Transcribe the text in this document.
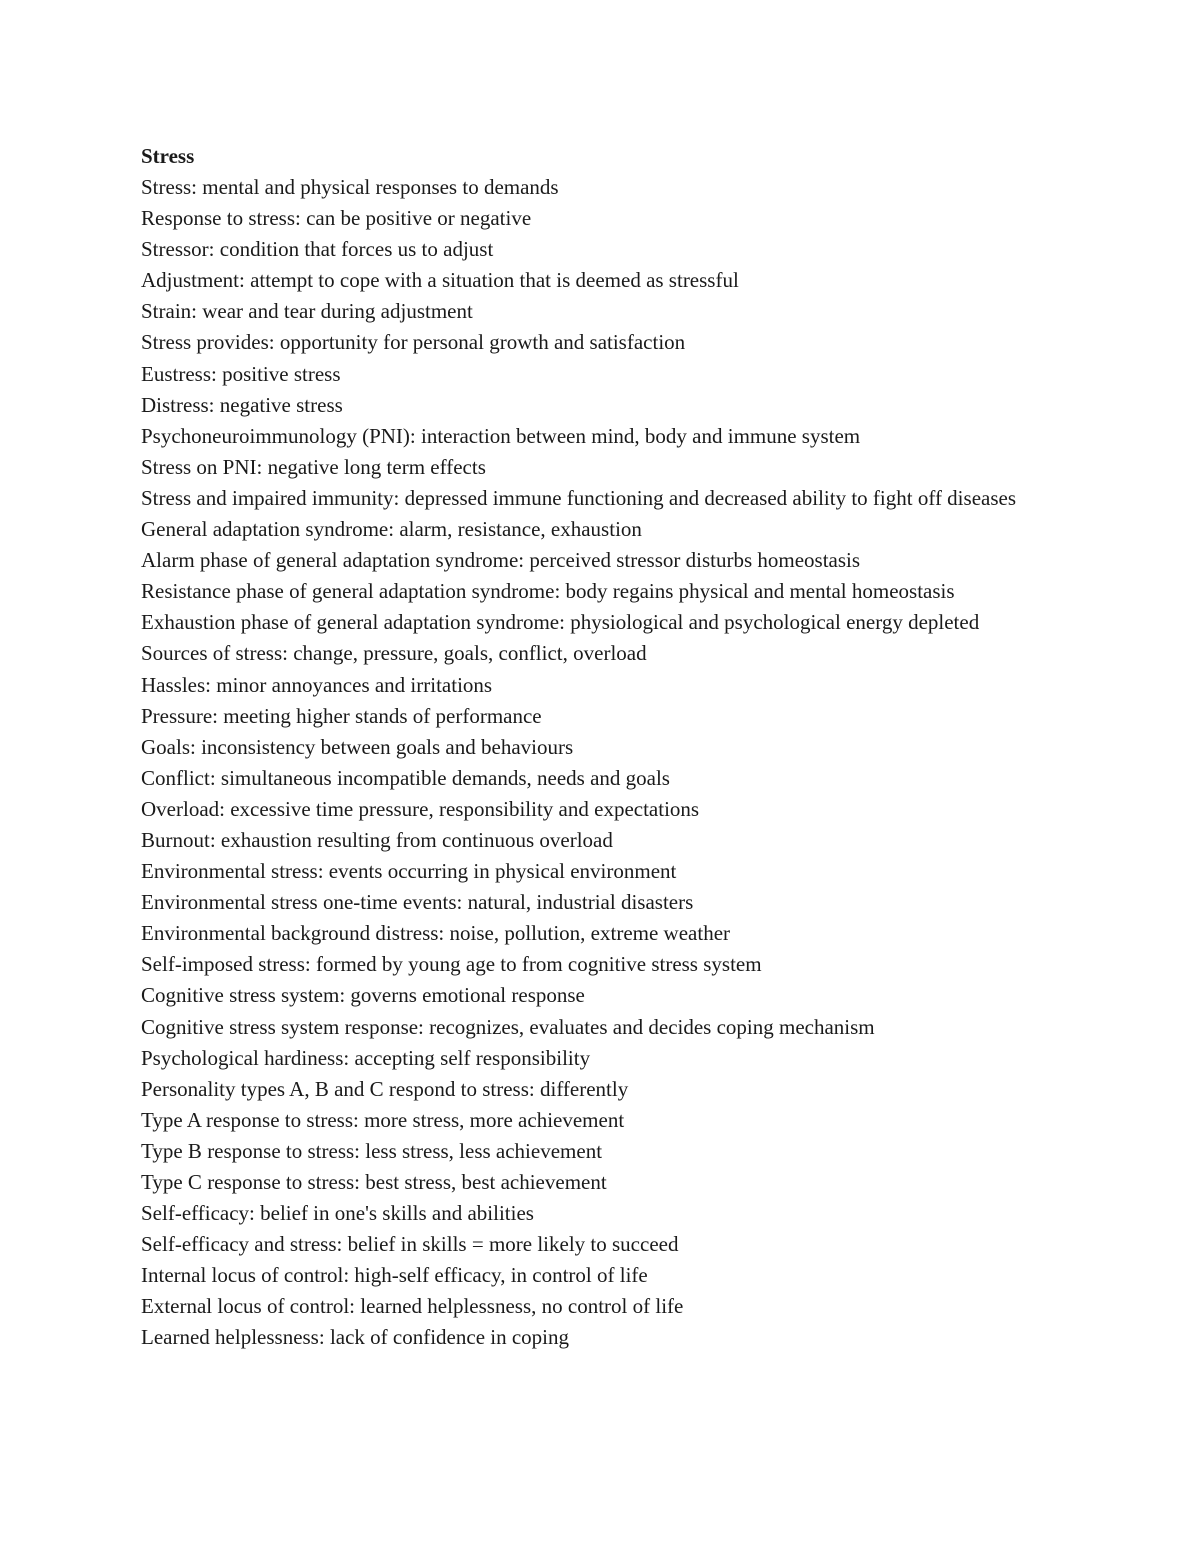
Stress
Stress: mental and physical responses to demands
Response to stress: can be positive or negative
Stressor: condition that forces us to adjust
Adjustment: attempt to cope with a situation that is deemed as stressful
Strain: wear and tear during adjustment
Stress provides: opportunity for personal growth and satisfaction
Eustress: positive stress
Distress: negative stress
Psychoneuroimmunology (PNI): interaction between mind, body and immune system
Stress on PNI: negative long term effects
Stress and impaired immunity: depressed immune functioning and decreased ability to fight off diseases
General adaptation syndrome: alarm, resistance, exhaustion
Alarm phase of general adaptation syndrome: perceived stressor disturbs homeostasis
Resistance phase of general adaptation syndrome: body regains physical and mental homeostasis
Exhaustion phase of general adaptation syndrome: physiological and psychological energy depleted
Sources of stress: change, pressure, goals, conflict, overload
Hassles: minor annoyances and irritations
Pressure: meeting higher stands of performance
Goals: inconsistency between goals and behaviours
Conflict: simultaneous incompatible demands, needs and goals
Overload: excessive time pressure, responsibility and expectations
Burnout: exhaustion resulting from continuous overload
Environmental stress: events occurring in physical environment
Environmental stress one-time events: natural, industrial disasters
Environmental background distress: noise, pollution, extreme weather
Self-imposed stress: formed by young age to from cognitive stress system
Cognitive stress system: governs emotional response
Cognitive stress system response: recognizes, evaluates and decides coping mechanism
Psychological hardiness: accepting self responsibility
Personality types A, B and C respond to stress: differently
Type A response to stress: more stress, more achievement
Type B response to stress: less stress, less achievement
Type C response to stress: best stress, best achievement
Self-efficacy: belief in one's skills and abilities
Self-efficacy and stress: belief in skills = more likely to succeed
Internal locus of control: high-self efficacy, in control of life
External locus of control: learned helplessness, no control of life
Learned helplessness: lack of confidence in coping
